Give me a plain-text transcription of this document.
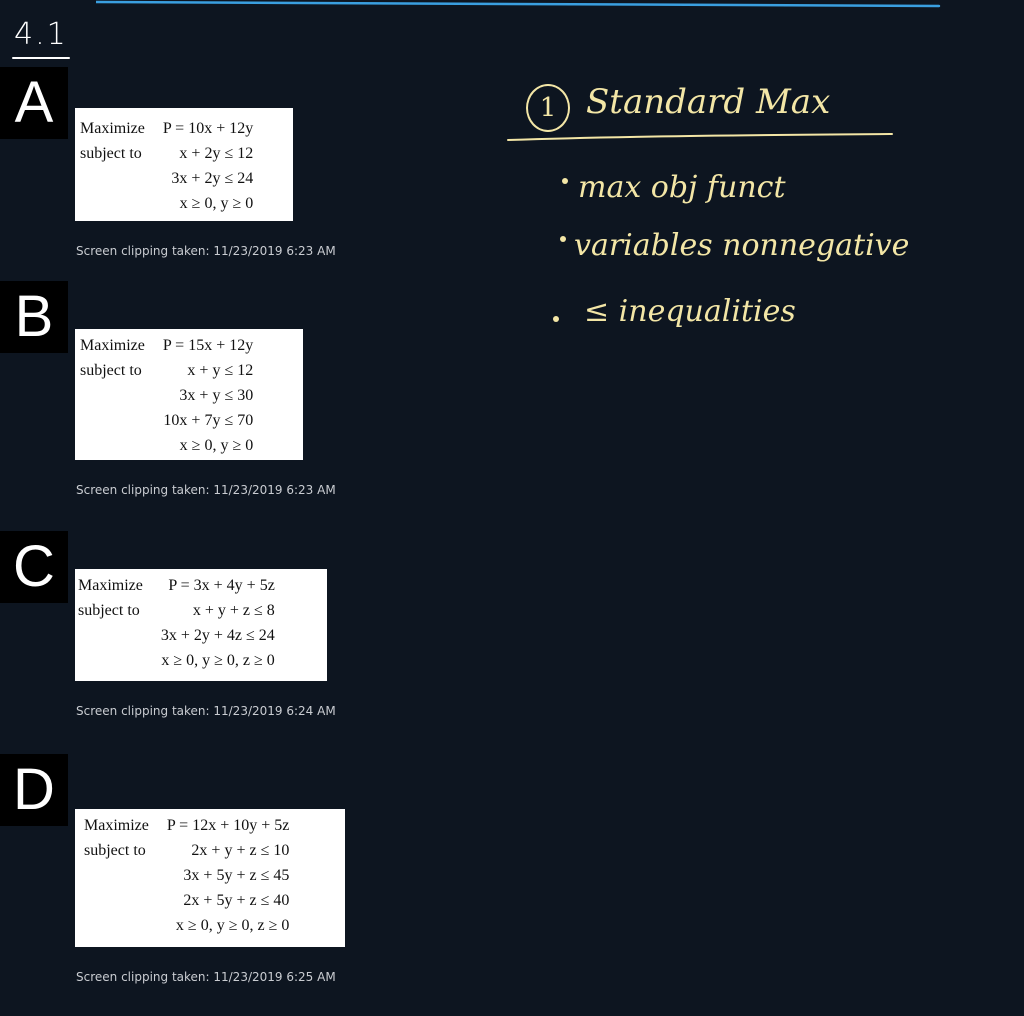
4.1
A	Maximize	P = 10x + 12y
subject to	x + 2y ≤ 12
	3x + 2y ≤ 24
	x ≥ 0, y ≥ 0
Screen clipping taken: 11/23/2019 6:23 AM
B	Maximize	P = 15x + 12y
subject to	x + y ≤ 12
	3x + y ≤ 30
	10x + 7y ≤ 70
	x ≥ 0, y ≥ 0
Screen clipping taken: 11/23/2019 6:23 AM
C	Maximize	P = 3x + 4y + 5z
subject to	x + y + z ≤ 8
	3x + 2y + 4z ≤ 24
	x ≥ 0, y ≥ 0, z ≥ 0
Screen clipping taken: 11/23/2019 6:24 AM
D
Maximize	P = 12x + 10y + 5z
subject to	2x + y + z ≤ 10
	3x + 5y + z ≤ 45
	2x + 5y + z ≤ 40
	x ≥ 0, y ≥ 0, z ≥ 0
Screen clipping taken: 11/23/2019 6:25 AM
1 Standard Max
max obj funct
variables nonnegative
≤ inequalities
